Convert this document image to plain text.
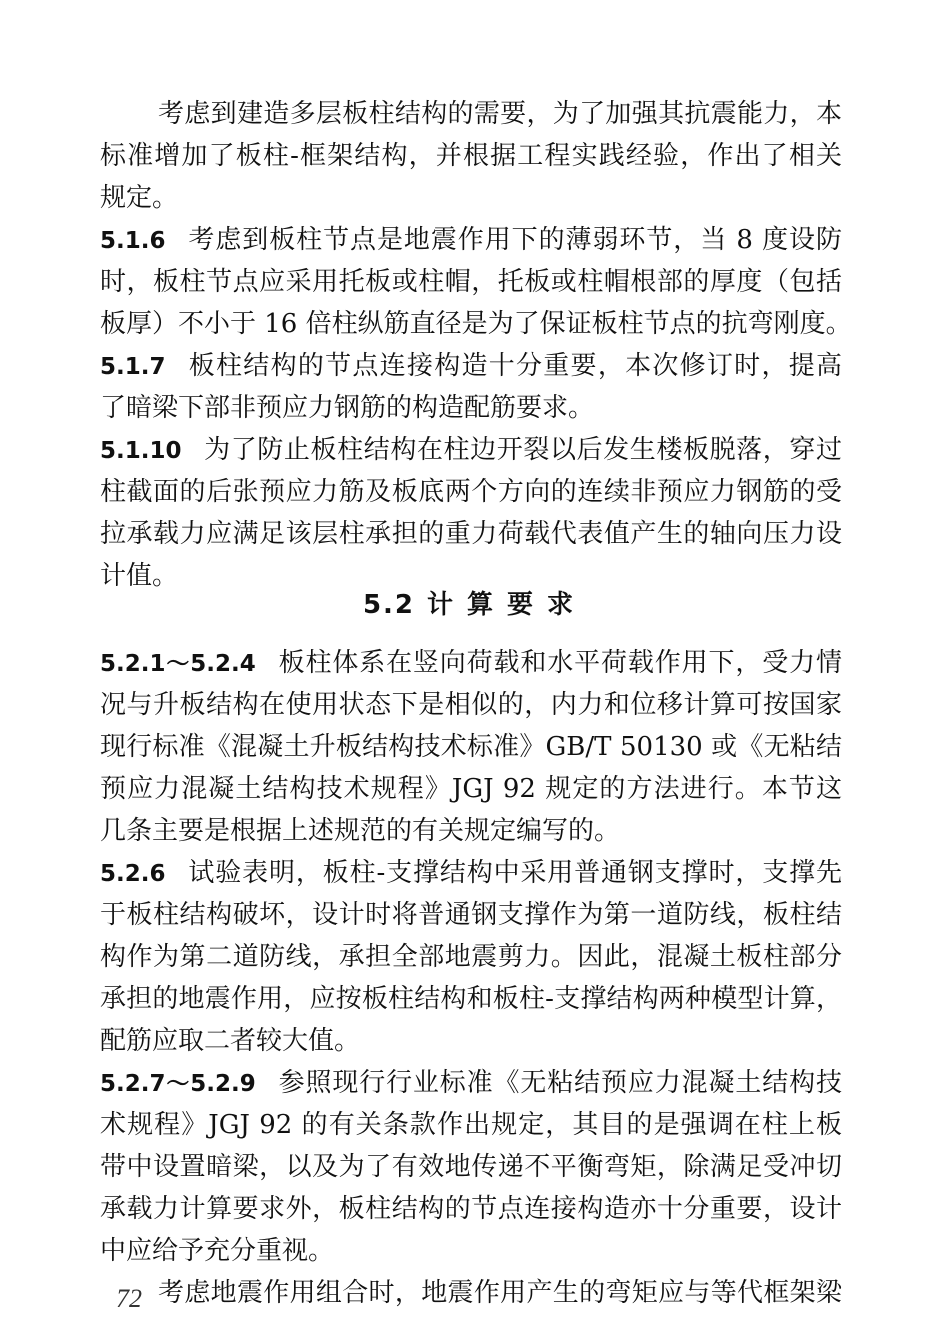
考虑到建造多层板柱结构的需要，为了加强其抗震能力，本
标准增加了板柱-框架结构，并根据工程实践经验，作出了相关
规定。
5.1.6 考虑到板柱节点是地震作用下的薄弱环节，当 8 度设防
时，板柱节点应采用托板或柱帽，托板或柱帽根部的厚度（包括
板厚）不小于 16 倍柱纵筋直径是为了保证板柱节点的抗弯刚度。
5.1.7 板柱结构的节点连接构造十分重要，本次修订时，提高
了暗梁下部非预应力钢筋的构造配筋要求。
5.1.10 为了防止板柱结构在柱边开裂以后发生楼板脱落，穿过
柱截面的后张预应力筋及板底两个方向的连续非预应力钢筋的受
拉承载力应满足该层柱承担的重力荷载代表值产生的轴向压力设
计值。
5.2 计算要求
5.2.1～5.2.4 板柱体系在竖向荷载和水平荷载作用下，受力情
况与升板结构在使用状态下是相似的，内力和位移计算可按国家
现行标准《混凝土升板结构技术标准》GB/T 50130 或《无粘结
预应力混凝土结构技术规程》JGJ 92 规定的方法进行。本节这
几条主要是根据上述规范的有关规定编写的。
5.2.6 试验表明，板柱-支撑结构中采用普通钢支撑时，支撑先
于板柱结构破坏，设计时将普通钢支撑作为第一道防线，板柱结
构作为第二道防线，承担全部地震剪力。因此，混凝土板柱部分
承担的地震作用，应按板柱结构和板柱-支撑结构两种模型计算，
配筋应取二者较大值。
5.2.7～5.2.9 参照现行行业标准《无粘结预应力混凝土结构技
术规程》JGJ 92 的有关条款作出规定，其目的是强调在柱上板
带中设置暗梁，以及为了有效地传递不平衡弯矩，除满足受冲切
承载力计算要求外，板柱结构的节点连接构造亦十分重要，设计
中应给予充分重视。
考虑地震作用组合时，地震作用产生的弯矩应与等代框架梁
72
